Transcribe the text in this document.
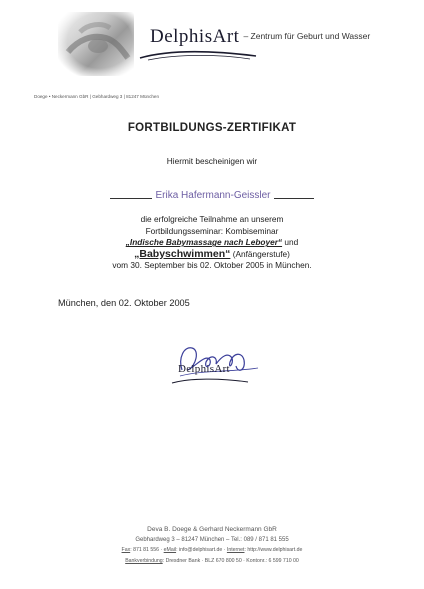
DelphisArt – Zentrum für Geburt und Wasser
Doege • Neckermann GbR | Gebhardweg 3 | 81247 München
FORTBILDUNGS-ZERTIFIKAT
Hiermit bescheinigen wir
Erika Hafermann-Geissler
die erfolgreiche Teilnahme an unserem
Fortbildungsseminar: Kombiseminar
„Indische Babymassage nach Leboyer“ und
„Babyschwimmen“ (Anfängerstufe)
vom 30. September bis 02. Oktober 2005 in München.
München, den 02. Oktober 2005
DelphisArt
Deva B. Doege & Gerhard Neckermann GbR
Gebhardweg 3 – 81247 München – Tel.: 089 / 871 81 555
Fax: 871 81 556 · eMail: info@delphisart.de · Internet: http://www.delphisart.de
Bankverbindung: Dresdner Bank · BLZ 670 800 50 · Kontonr.: 6 599 710 00
